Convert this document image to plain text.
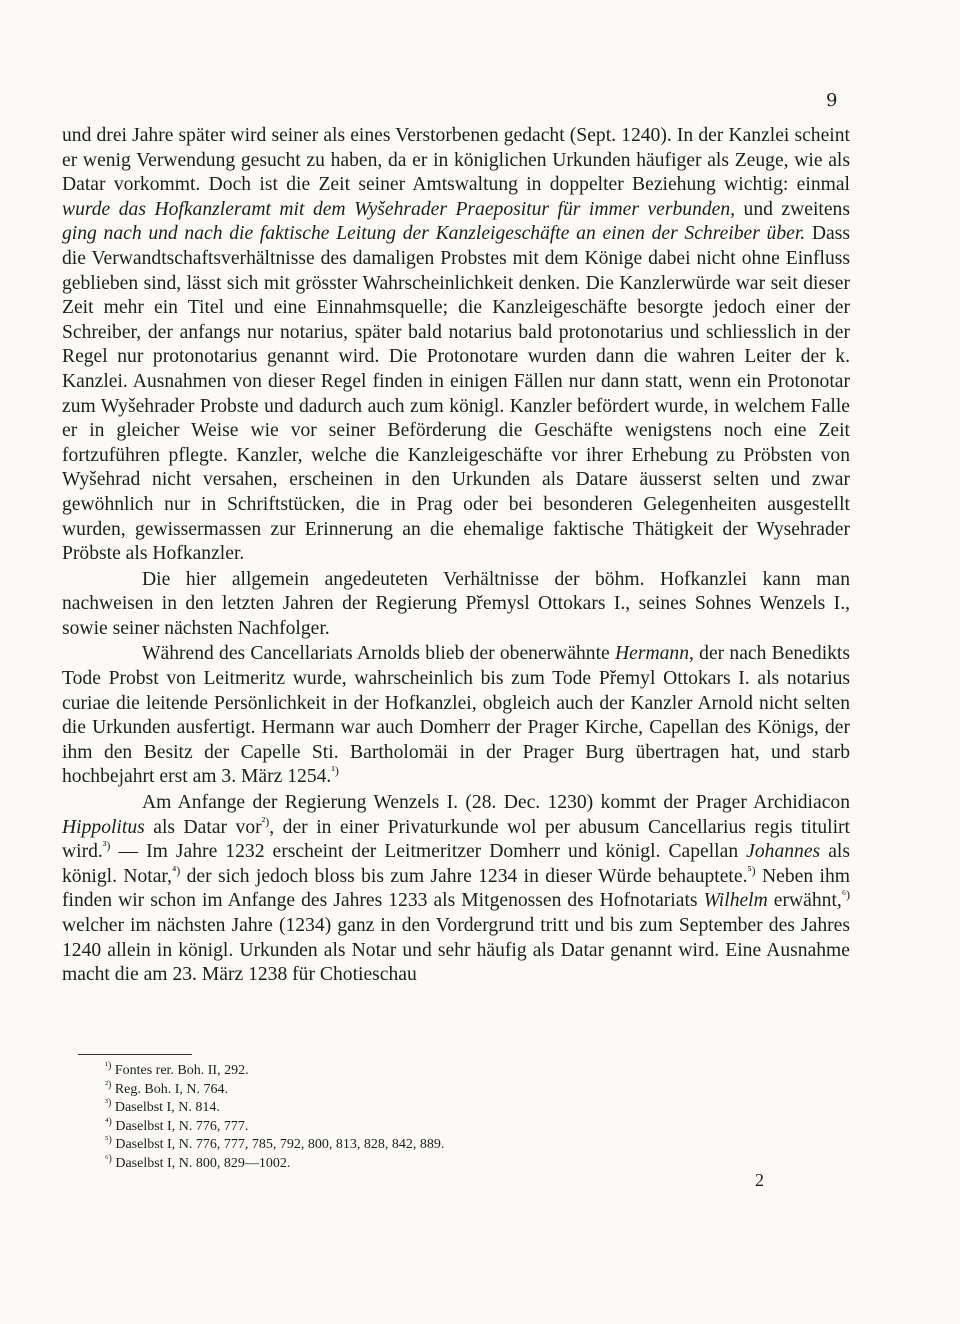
9

und drei Jahre später wird seiner als eines Verstorbenen gedacht (Sept. 1240). In der Kanzlei scheint er wenig Verwendung gesucht zu haben, da er in königlichen Urkunden häufiger als Zeuge, wie als Datar vorkommt. Doch ist die Zeit seiner Amtswaltung in doppelter Beziehung wichtig: einmal wurde das Hofkanzleramt mit dem Wyšehrader Praepositur für immer verbunden, und zweitens ging nach und nach die faktische Leitung der Kanzleigeschäfte an einen der Schreiber über. Dass die Verwandtschaftsverhältnisse des damaligen Probstes mit dem Könige dabei nicht ohne Einfluss geblieben sind, lässt sich mit grösster Wahrscheinlichkeit denken. Die Kanzlerwürde war seit dieser Zeit mehr ein Titel und eine Einnahmsquelle; die Kanzleigeschäfte besorgte jedoch einer der Schreiber, der anfangs nur notarius, später bald notarius bald protonotarius und schliesslich in der Regel nur protonotarius genannt wird. Die Protonotare wurden dann die wahren Leiter der k. Kanzlei. Ausnahmen von dieser Regel finden in einigen Fällen nur dann statt, wenn ein Protonotar zum Wyšehrader Probste und dadurch auch zum königl. Kanzler befördert wurde, in welchem Falle er in gleicher Weise wie vor seiner Beförderung die Geschäfte wenigstens noch eine Zeit fortzuführen pflegte. Kanzler, welche die Kanzleigeschäfte vor ihrer Erhebung zu Pröbsten von Wyšehrad nicht versahen, erscheinen in den Urkunden als Datare äusserst selten und zwar gewöhnlich nur in Schriftstücken, die in Prag oder bei besonderen Gelegenheiten ausgestellt wurden, gewissermassen zur Erinnerung an die ehemalige faktische Thätigkeit der Wysehrader Pröbste als Hofkanzler.

Die hier allgemein angedeuteten Verhältnisse der böhm. Hofkanzlei kann man nachweisen in den letzten Jahren der Regierung Přemysl Ottokars I., seines Sohnes Wenzels I., sowie seiner nächsten Nachfolger.

Während des Cancellariats Arnolds blieb der obenerwähnte Hermann, der nach Benedikts Tode Probst von Leitmeritz wurde, wahrscheinlich bis zum Tode Přemyl Ottokars I. als notarius curiae die leitende Persönlichkeit in der Hofkanzlei, obgleich auch der Kanzler Arnold nicht selten die Urkunden ausfertigt. Hermann war auch Domherr der Prager Kirche, Capellan des Königs, der ihm den Besitz der Capelle Sti. Bartholomäi in der Prager Burg übertragen hat, und starb hochbejahrt erst am 3. März 1254.$^{^1)}$

Am Anfange der Regierung Wenzels I. (28. Dec. 1230) kommt der Prager Archidiacon Hippolitus als Datar vor$^{^2)}$, der in einer Privaturkunde wol per abusum Cancellarius regis titulirt wird.$^{^3)}$ — Im Jahre 1232 erscheint der Leitmeritzer Domherr und königl. Capellan Johannes als königl. Notar,$^{^4)}$ der sich jedoch bloss bis zum Jahre 1234 in dieser Würde behauptete.$^{^5)}$ Neben ihm finden wir schon im Anfange des Jahres 1233 als Mitgenossen des Hofnotariats Wilhelm erwähnt,$^{^6)}$ welcher im nächsten Jahre (1234) ganz in den Vordergrund tritt und bis zum September des Jahres 1240 allein in königl. Urkunden als Notar und sehr häufig als Datar genannt wird. Eine Ausnahme macht die am 23. März 1238 für Chotieschau

$^{^1)}$ Fontes rer. Boh. II, 292.
$^{^2)}$ Reg. Boh. I, N. 764.
$^{^3)}$ Daselbst I, N. 814.
$^{^4)}$ Daselbst I, N. 776, 777.
$^{^5)}$ Daselbst I, N. 776, 777, 785, 792, 800, 813, 828, 842, 889.
$^{^6)}$ Daselbst I, N. 800, 829—1002.
2
